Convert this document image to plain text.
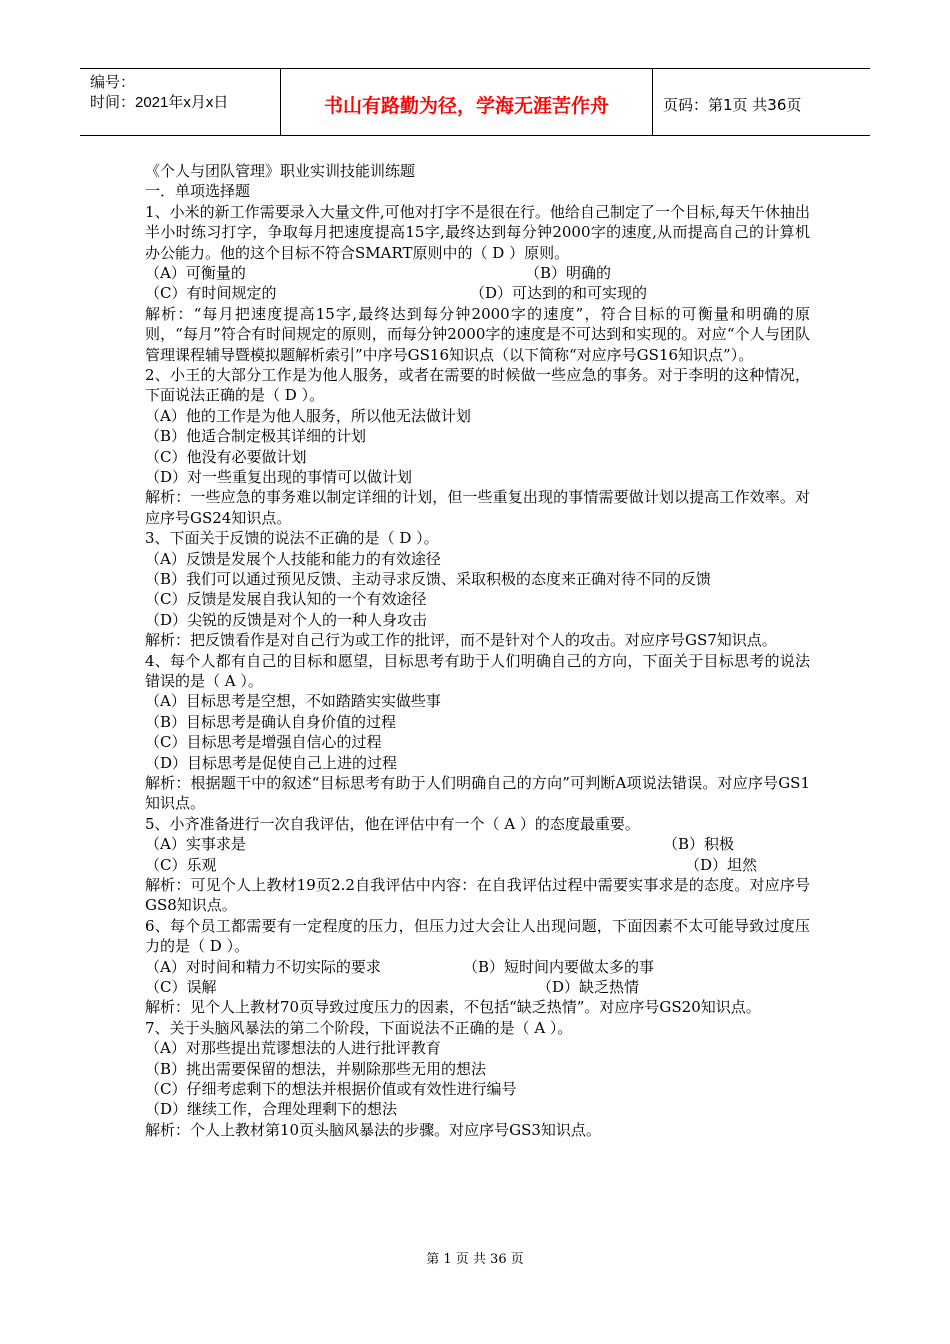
编号：
时间：2021年x月x日	书山有路勤为径，学海无涯苦作舟	页码：第1页 共36页
《个人与团队管理》职业实训技能训练题
一．单项选择题
1、小米的新工作需要录入大量文件,可他对打字不是很在行。他给自己制定了一个目标,每天午休抽出半小时练习打字，争取每月把速度提高15字,最终达到每分钟2000字的速度,从而提高自己的计算机办公能力。他的这个目标不符合SMART原则中的（ D ）原则。
（A）可衡量的	（B）明确的
（C）有时间规定的	（D）可达到的和可实现的
解析：“每月把速度提高15字,最终达到每分钟2000字的速度”，符合目标的可衡量和明确的原则，“每月”符合有时间规定的原则，而每分钟2000字的速度是不可达到和实现的。对应“个人与团队管理课程辅导暨模拟题解析索引”中序号GS16知识点（以下简称“对应序号GS16知识点”）。
2、小王的大部分工作是为他人服务，或者在需要的时候做一些应急的事务。对于李明的这种情况，下面说法正确的是（ D ）。
（A）他的工作是为他人服务，所以他无法做计划
（B）他适合制定极其详细的计划
（C）他没有必要做计划
（D）对一些重复出现的事情可以做计划
解析：一些应急的事务难以制定详细的计划，但一些重复出现的事情需要做计划以提高工作效率。对应序号GS24知识点。
3、下面关于反馈的说法不正确的是（ D ）。
（A）反馈是发展个人技能和能力的有效途径
（B）我们可以通过预见反馈、主动寻求反馈、采取积极的态度来正确对待不同的反馈
（C）反馈是发展自我认知的一个有效途径
（D）尖锐的反馈是对个人的一种人身攻击
解析：把反馈看作是对自己行为或工作的批评，而不是针对个人的攻击。对应序号GS7知识点。
4、每个人都有自己的目标和愿望，目标思考有助于人们明确自己的方向，下面关于目标思考的说法错误的是（ A ）。
（A）目标思考是空想，不如踏踏实实做些事
（B）目标思考是确认自身价值的过程
（C）目标思考是增强自信心的过程
（D）目标思考是促使自己上进的过程
解析：根据题干中的叙述“目标思考有助于人们明确自己的方向”可判断A项说法错误。对应序号GS1知识点。
5、小齐准备进行一次自我评估，他在评估中有一个（ A ）的态度最重要。
（A）实事求是	（B）积极
（C）乐观	（D）坦然
解析：可见个人上教材19页2.2自我评估中内容：在自我评估过程中需要实事求是的态度。对应序号GS8知识点。
6、每个员工都需要有一定程度的压力，但压力过大会让人出现问题，下面因素不太可能导致过度压力的是（ D ）。
（A）对时间和精力不切实际的要求	（B）短时间内要做太多的事
（C）误解	（D）缺乏热情
解析：见个人上教材70页导致过度压力的因素，不包括“缺乏热情”。对应序号GS20知识点。
7、关于头脑风暴法的第二个阶段，下面说法不正确的是（ A ）。
（A）对那些提出荒谬想法的人进行批评教育
（B）挑出需要保留的想法，并剔除那些无用的想法
（C）仔细考虑剩下的想法并根据价值或有效性进行编号
（D）继续工作，合理处理剩下的想法
解析：个人上教材第10页头脑风暴法的步骤。对应序号GS3知识点。
第 1 页 共 36 页
